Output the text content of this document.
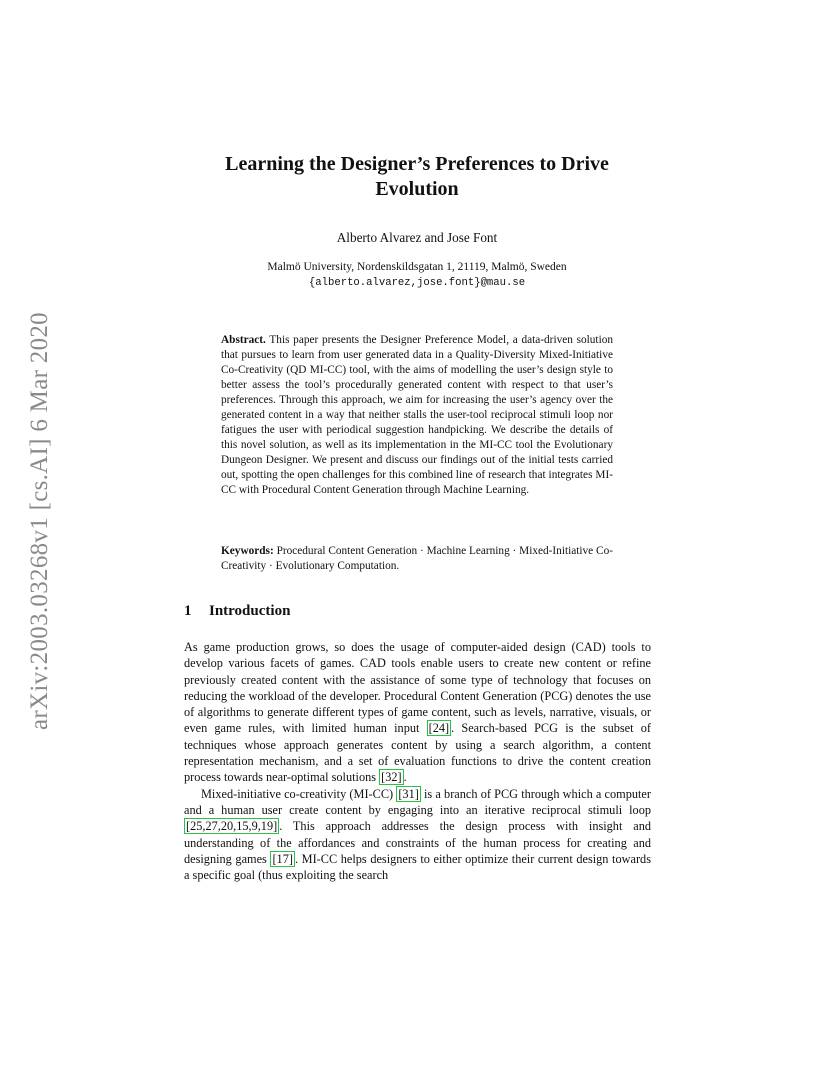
arXiv:2003.03268v1 [cs.AI] 6 Mar 2020
Learning the Designer’s Preferences to Drive Evolution
Alberto Alvarez and Jose Font
Malmö University, Nordenskildsgatan 1, 21119, Malmö, Sweden
{alberto.alvarez,jose.font}@mau.se
Abstract. This paper presents the Designer Preference Model, a data-driven solution that pursues to learn from user generated data in a Quality-Diversity Mixed-Initiative Co-Creativity (QD MI-CC) tool, with the aims of modelling the user’s design style to better assess the tool’s procedurally generated content with respect to that user’s preferences. Through this approach, we aim for increasing the user’s agency over the generated content in a way that neither stalls the user-tool reciprocal stimuli loop nor fatigues the user with periodical suggestion handpicking. We describe the details of this novel solution, as well as its implementation in the MI-CC tool the Evolutionary Dungeon Designer. We present and discuss our findings out of the initial tests carried out, spotting the open challenges for this combined line of research that integrates MI-CC with Procedural Content Generation through Machine Learning.
Keywords: Procedural Content Generation · Machine Learning · Mixed-Initiative Co-Creativity · Evolutionary Computation.
1 Introduction

As game production grows, so does the usage of computer-aided design (CAD) tools to develop various facets of games. CAD tools enable users to create new content or refine previously created content with the assistance of some type of technology that focuses on reducing the workload of the developer. Procedural Content Generation (PCG) denotes the use of algorithms to generate different types of game content, such as levels, narrative, visuals, or even game rules, with limited human input [24] . Search-based PCG is the subset of techniques whose approach generates content by using a search algorithm, a content representation mechanism, and a set of evaluation functions to drive the content creation process towards near-optimal solutions [32] .

Mixed-initiative co-creativity (MI-CC) [31] is a branch of PCG through which a computer and a human user create content by engaging into an iterative reciprocal stimuli loop [25,27,20,15,9,19] . This approach addresses the design process with insight and understanding of the affordances and constraints of the human process for creating and designing games [17] . MI-CC helps designers to either optimize their current design towards a specific goal (thus exploiting the search
